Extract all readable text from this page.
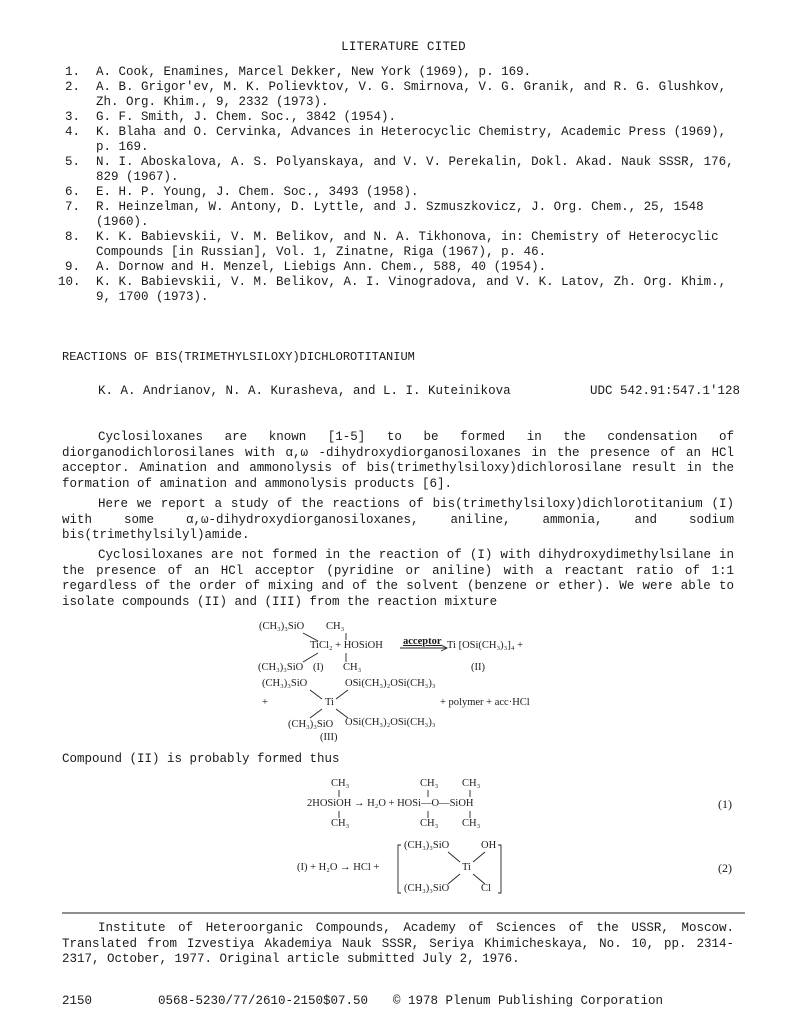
LITERATURE CITED
1. A. Cook, Enamines, Marcel Dekker, New York (1969), p. 169.
2. A. B. Grigor'ev, M. K. Polievktov, V. G. Smirnova, V. G. Granik, and R. G. Glushkov, Zh. Org. Khim., 9, 2332 (1973).
3. G. F. Smith, J. Chem. Soc., 3842 (1954).
4. K. Blaha and O. Cervinka, Advances in Heterocyclic Chemistry, Academic Press (1969), p. 169.
5. N. I. Aboskalova, A. S. Polyanskaya, and V. V. Perekalin, Dokl. Akad. Nauk SSSR, 176, 829 (1967).
6. E. H. P. Young, J. Chem. Soc., 3493 (1958).
7. R. Heinzelman, W. Antony, D. Lyttle, and J. Szmuszkovicz, J. Org. Chem., 25, 1548 (1960).
8. K. K. Babievskii, V. M. Belikov, and N. A. Tikhonova, in: Chemistry of Heterocyclic Compounds [in Russian], Vol. 1, Zinatne, Riga (1967), p. 46.
9. A. Dornow and H. Menzel, Liebigs Ann. Chem., 588, 40 (1954).
10. K. K. Babievskii, V. M. Belikov, A. I. Vinogradova, and V. K. Latov, Zh. Org. Khim., 9, 1700 (1973).
REACTIONS OF BIS(TRIMETHYLSILOXY)DICHLOROTITANIUM
K. A. Andrianov, N. A. Kurasheva, and L. I. Kuteinikova	UDC 542.91:547.1'128
Cyclosiloxanes are known [1-5] to be formed in the condensation of diorganodichlorosilanes with α,ω -dihydroxydiorganosiloxanes in the presence of an HCl acceptor. Amination and ammonolysis of bis(trimethylsiloxy)dichlorosilane result in the formation of amination and ammonolysis products [6].
Here we report a study of the reactions of bis(trimethylsiloxy)dichlorotitanium (I) with some α,ω-dihydroxydiorganosiloxanes, aniline, ammonia, and sodium bis(trimethylsilyl)amide.
Cyclosiloxanes are not formed in the reaction of (I) with dihydroxydimethylsilane in the presence of an HCl acceptor (pyridine or aniline) with a reactant ratio of 1:1 regardless of the order of mixing and of the solvent (benzene or ether). We were able to isolate compounds (II) and (III) from the reaction mixture
CH₃
(CH₃)₃SiO
TiCl₂ + HOSiOH acceptor Ti [OSi(CH₃)₃]₄ +
(CH₃)₃SiO (I) CH₃	(II)
(CH₃)₃SiO	OSi(CH₃)₂OSi(CH₃)₃
+	Ti	+ polymer + acc·HCl
(CH₃)₃SiO OSi(CH₃)₂OSi(CH₃)₃
(III)
Compound (II) is probably formed thus
CH₃	CH₃ CH₃
2HOSiOH → H₂O + HOSi—O—SiOH
CH₃	CH₃ CH₃
(1)
(CH₃)₃SiO	OH
(I) + H₂O → HCl +	Ti
(CH₃)₃SiO	Cl
(2)
Institute of Heteroorganic Compounds, Academy of Sciences of the USSR, Moscow. Translated from Izvestiya Akademiya Nauk SSSR, Seriya Khimicheskaya, No. 10, pp. 2314-2317, October, 1977. Original article submitted July 2, 1976.
2150	0568-5230/77/2610-2150$07.50 © 1978 Plenum Publishing Corporation
